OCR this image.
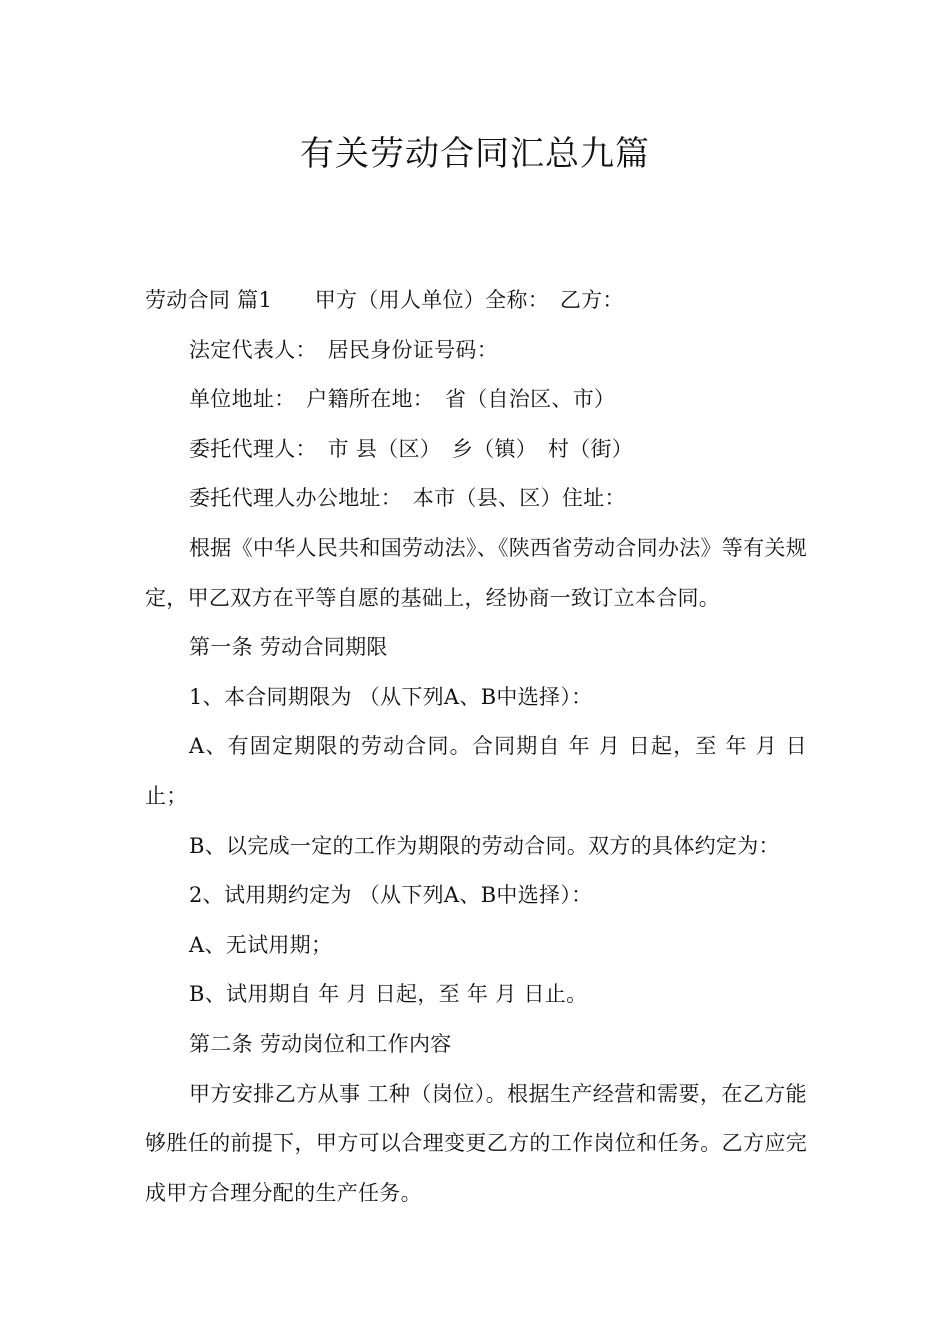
有关劳动合同汇总九篇

劳动合同 篇1　　甲方（用人单位）全称：　乙方：

法定代表人：　居民身份证号码：

单位地址：　户籍所在地：　省（自治区、市）

委托代理人：　市 县（区）　乡（镇）　村（街）

委托代理人办公地址：　本市（县、区）住址：

根据《中华人民共和国劳动法》、《陕西省劳动合同办法》等有关规定，甲乙双方在平等自愿的基础上，经协商一致订立本合同。

第一条 劳动合同期限

1、本合同期限为 （从下列A、B中选择）：

A、有固定期限的劳动合同。合同期自 年 月 日起，至 年 月 日止；

B、以完成一定的工作为期限的劳动合同。双方的具体约定为：

2、试用期约定为 （从下列A、B中选择）：

A、无试用期；

B、试用期自 年 月 日起，至 年 月 日止。

第二条 劳动岗位和工作内容

甲方安排乙方从事 工种（岗位）。根据生产经营和需要，在乙方能够胜任的前提下，甲方可以合理变更乙方的工作岗位和任务。乙方应完成甲方合理分配的生产任务。
